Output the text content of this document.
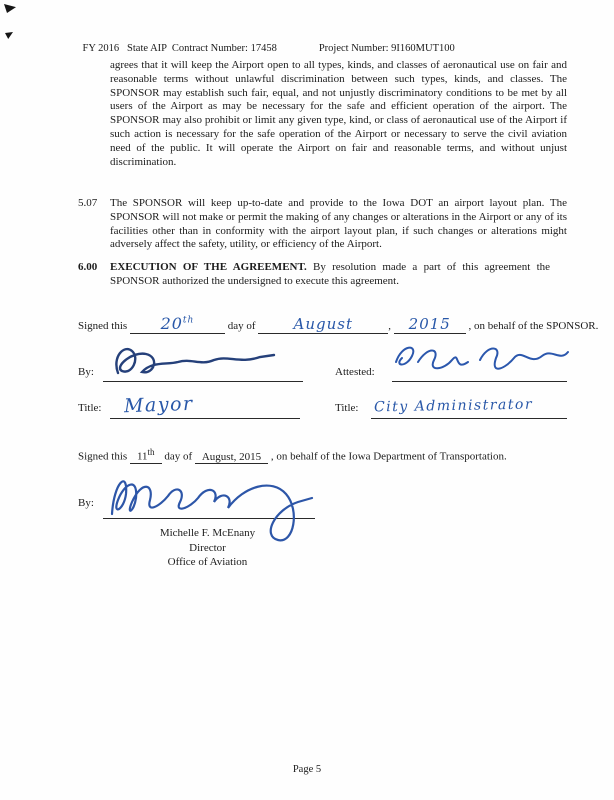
FY 2016   State AIP  Contract Number: 17458	Project Number: 9I160MUT100

agrees that it will keep the Airport open to all types, kinds, and classes of aeronautical use on fair and reasonable terms without unlawful discrimination between such types, kinds, and classes. The SPONSOR may establish such fair, equal, and not unjustly discriminatory conditions to be met by all users of the Airport as may be necessary for the safe and efficient operation of the airport. The SPONSOR may also prohibit or limit any given type, kind, or class of aeronautical use of the Airport if such action is necessary for the safe operation of the Airport or necessary to serve the civil aviation need of the public. It will operate the Airport on fair and reasonable terms, and without unjust discrimination.
5.07 The SPONSOR will keep up-to-date and provide to the Iowa DOT an airport layout plan. The SPONSOR will not make or permit the making of any changes or alterations in the Airport or any of its facilities other than in conformity with the airport layout plan, if such changes or alterations might adversely affect the safety, utility, or efficiency of the Airport.
6.00 EXECUTION OF THE AGREEMENT. By resolution made a part of this agreement the SPONSOR authorized the undersigned to execute this agreement.
Signed this 20th	day of	August	, 2015 , on behalf of the SPONSOR.
By:	Attested:
Title: Mayor	Title: City Administrator
Signed this 11th day of August, 2015 , on behalf of the Iowa Department of Transportation.
By:
Michelle F. McEnany
Director
Office of Aviation
Page 5
